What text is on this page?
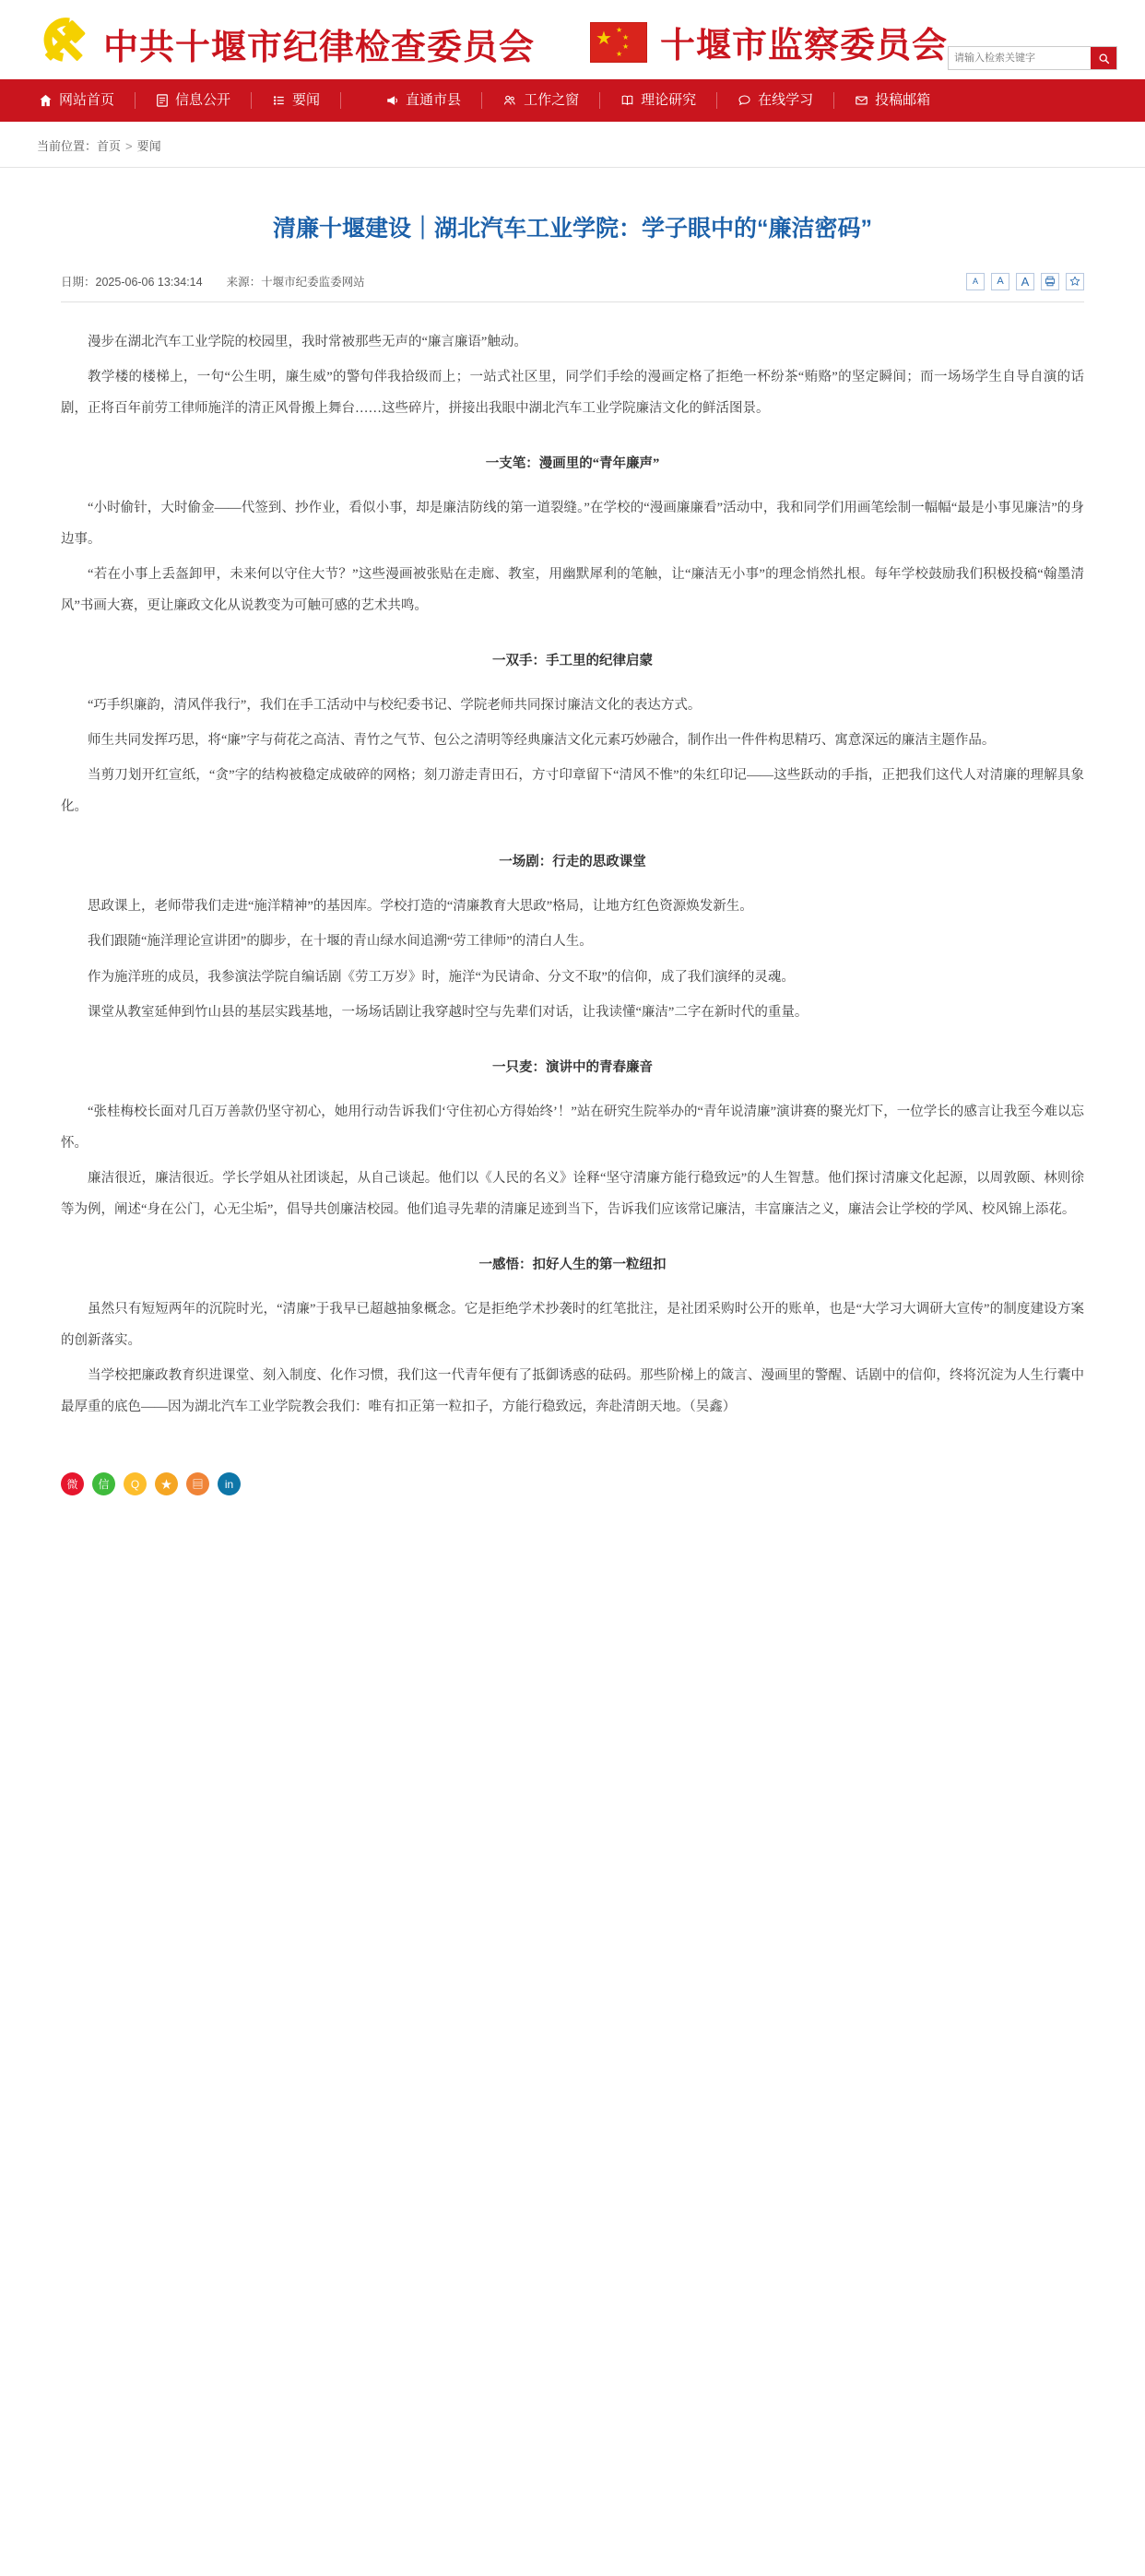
中共十堰市纪律检查委员会	★ ★
★
★
★ 十堰市监察委员会
请输入检索关键字
网站首页	信息公开	要闻	直通市县	工作之窗	理论研究	在线学习	投稿邮箱
当前位置：首页 > 要闻
清廉十堰建设｜湖北汽车工业学院：学子眼中的“廉洁密码”
日期：2025-06-06 13:34:14 来源：十堰市纪委监委网站	A	A	A

漫步在湖北汽车工业学院的校园里，我时常被那些无声的“廉言廉语”触动。

教学楼的楼梯上，一句“公生明，廉生威”的警句伴我拾级而上；一站式社区里，同学们手绘的漫画定格了拒绝一杯纷茶“贿赂”的坚定瞬间；而一场场学生自导自演的话剧，正将百年前劳工律师施洋的清正风骨搬上舞台……这些碎片，拼接出我眼中湖北汽车工业学院廉洁文化的鲜活图景。

一支笔：漫画里的“青年廉声”

“小时偷针，大时偷金——代签到、抄作业，看似小事，却是廉洁防线的第一道裂缝。”在学校的“漫画廉廉看”活动中，我和同学们用画笔绘制一幅幅“最是小事见廉洁”的身边事。

“若在小事上丢盔卸甲，未来何以守住大节？”这些漫画被张贴在走廊、教室，用幽默犀利的笔触，让“廉洁无小事”的理念悄然扎根。每年学校鼓励我们积极投稿“翰墨清风”书画大赛，更让廉政文化从说教变为可触可感的艺术共鸣。

一双手：手工里的纪律启蒙

“巧手织廉韵，清风伴我行”，我们在手工活动中与校纪委书记、学院老师共同探讨廉洁文化的表达方式。

师生共同发挥巧思，将“廉”字与荷花之高洁、青竹之气节、包公之清明等经典廉洁文化元素巧妙融合，制作出一件件构思精巧、寓意深远的廉洁主题作品。

当剪刀划开红宣纸，“贪”字的结构被稳定成破碎的网格；刻刀游走青田石，方寸印章留下“清风不惟”的朱红印记——这些跃动的手指，正把我们这代人对清廉的理解具象化。

一场剧：行走的思政课堂

思政课上，老师带我们走进“施洋精神”的基因库。学校打造的“清廉教育大思政”格局，让地方红色资源焕发新生。

我们跟随“施洋理论宣讲团”的脚步，在十堰的青山绿水间追溯“劳工律师”的清白人生。

作为施洋班的成员，我参演法学院自编话剧《劳工万岁》时，施洋“为民请命、分文不取”的信仰，成了我们演绎的灵魂。

课堂从教室延伸到竹山县的基层实践基地，一场场话剧让我穿越时空与先辈们对话，让我读懂“廉洁”二字在新时代的重量。

一只麦：演讲中的青春廉音

“张桂梅校长面对几百万善款仍坚守初心，她用行动告诉我们‘守住初心方得始终’！”站在研究生院举办的“青年说清廉”演讲赛的聚光灯下，一位学长的感言让我至今难以忘怀。

廉洁很近，廉洁很近。学长学姐从社团谈起，从自己谈起。他们以《人民的名义》诠释“坚守清廉方能行稳致远”的人生智慧。他们探讨清廉文化起源，以周敦颐、林则徐等为例，阐述“身在公门，心无尘垢”，倡导共创廉洁校园。他们追寻先辈的清廉足迹到当下，告诉我们应该常记廉洁，丰富廉洁之义，廉洁会让学校的学风、校风锦上添花。

一感悟：扣好人生的第一粒纽扣

虽然只有短短两年的沉院时光，“清廉”于我早已超越抽象概念。它是拒绝学术抄袭时的红笔批注，是社团采购时公开的账单，也是“大学习大调研大宣传”的制度建设方案的创新落实。

当学校把廉政教育织进课堂、刻入制度、化作习惯，我们这一代青年便有了抵御诱惑的砝码。那些阶梯上的箴言、漫画里的警醒、话剧中的信仰，终将沉淀为人生行囊中最厚重的底色——因为湖北汽车工业学院教会我们：唯有扣正第一粒扣子，方能行稳致远，奔赴清朗天地。（吴鑫）

微	信	Q	★	▤	in
